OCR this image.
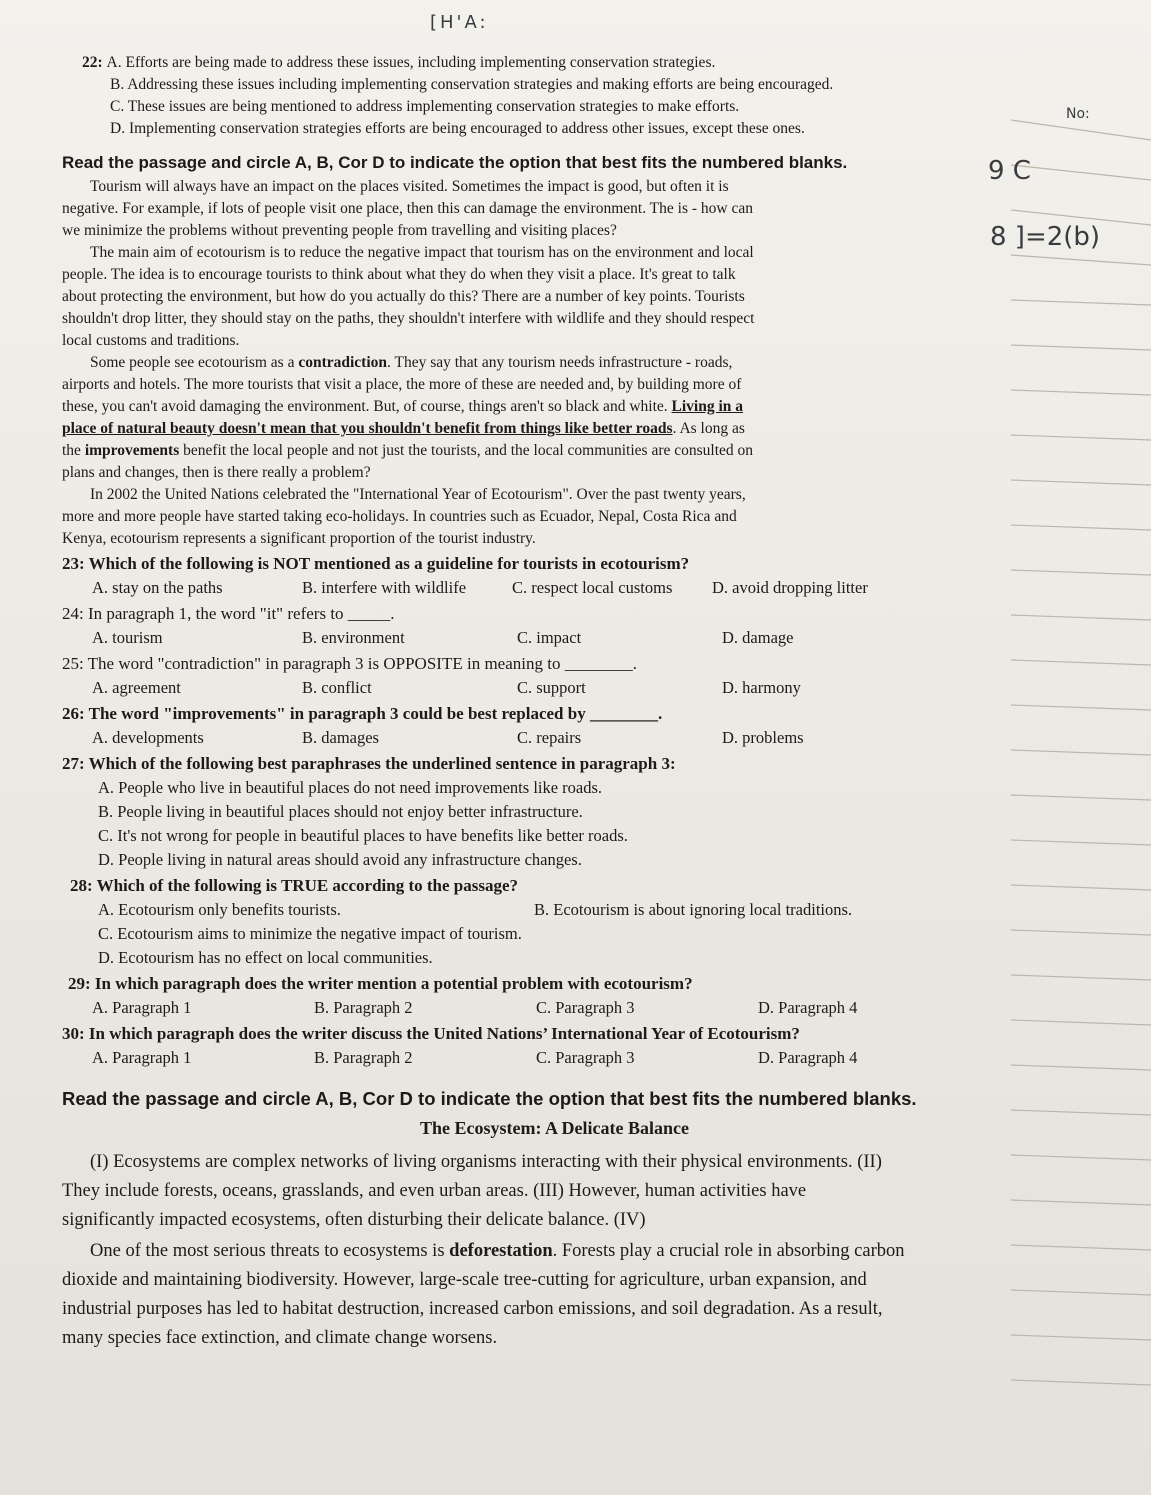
[H'A:
No:
9 C
8 ]=2(b)
22: A. Efforts are being made to address these issues, including implementing conservation strategies.
B. Addressing these issues including implementing conservation strategies and making efforts are being encouraged.
C. These issues are being mentioned to address implementing conservation strategies to make efforts.
D. Implementing conservation strategies efforts are being encouraged to address other issues, except these ones.
Read the passage and circle A, B, Cor D to indicate the option that best fits the numbered blanks.
Tourism will always have an impact on the places visited. Sometimes the impact is good, but often it is
negative. For example, if lots of people visit one place, then this can damage the environment. The is - how can
we minimize the problems without preventing people from travelling and visiting places?
The main aim of ecotourism is to reduce the negative impact that tourism has on the environment and local
people. The idea is to encourage tourists to think about what they do when they visit a place. It's great to talk
about protecting the environment, but how do you actually do this? There are a number of key points. Tourists
shouldn't drop litter, they should stay on the paths, they shouldn't interfere with wildlife and they should respect
local customs and traditions.
Some people see ecotourism as a contradiction. They say that any tourism needs infrastructure - roads,
airports and hotels. The more tourists that visit a place, the more of these are needed and, by building more of
these, you can't avoid damaging the environment. But, of course, things aren't so black and white. Living in a
place of natural beauty doesn't mean that you shouldn't benefit from things like better roads. As long as
the improvements benefit the local people and not just the tourists, and the local communities are consulted on
plans and changes, then is there really a problem?
In 2002 the United Nations celebrated the "International Year of Ecotourism". Over the past twenty years,
more and more people have started taking eco-holidays. In countries such as Ecuador, Nepal, Costa Rica and
Kenya, ecotourism represents a significant proportion of the tourist industry.
23: Which of the following is NOT mentioned as a guideline for tourists in ecotourism?
A. stay on the paths	B. interfere with wildlife	C. respect local customs	D. avoid dropping litter
24: In paragraph 1, the word "it" refers to _____.
A. tourism	B. environment	C. impact	D. damage
25: The word "contradiction" in paragraph 3 is OPPOSITE in meaning to ________.
A. agreement	B. conflict	C. support	D. harmony
26: The word "improvements" in paragraph 3 could be best replaced by ________.
A. developments	B. damages	C. repairs	D. problems
27: Which of the following best paraphrases the underlined sentence in paragraph 3:
A. People who live in beautiful places do not need improvements like roads.
B. People living in beautiful places should not enjoy better infrastructure.
C. It's not wrong for people in beautiful places to have benefits like better roads.
D. People living in natural areas should avoid any infrastructure changes.
28: Which of the following is TRUE according to the passage?
A. Ecotourism only benefits tourists.	B. Ecotourism is about ignoring local traditions.
C. Ecotourism aims to minimize the negative impact of tourism.
D. Ecotourism has no effect on local communities.
29: In which paragraph does the writer mention a potential problem with ecotourism?
A. Paragraph 1	B. Paragraph 2	C. Paragraph 3	D. Paragraph 4
30: In which paragraph does the writer discuss the United Nations’ International Year of Ecotourism?
A. Paragraph 1	B. Paragraph 2	C. Paragraph 3	D. Paragraph 4
Read the passage and circle A, B, Cor D to indicate the option that best fits the numbered blanks.
The Ecosystem: A Delicate Balance
(I) Ecosystems are complex networks of living organisms interacting with their physical environments. (II)
They include forests, oceans, grasslands, and even urban areas. (III) However, human activities have
significantly impacted ecosystems, often disturbing their delicate balance. (IV)
One of the most serious threats to ecosystems is deforestation. Forests play a crucial role in absorbing carbon
dioxide and maintaining biodiversity. However, large-scale tree-cutting for agriculture, urban expansion, and
industrial purposes has led to habitat destruction, increased carbon emissions, and soil degradation. As a result,
many species face extinction, and climate change worsens.
